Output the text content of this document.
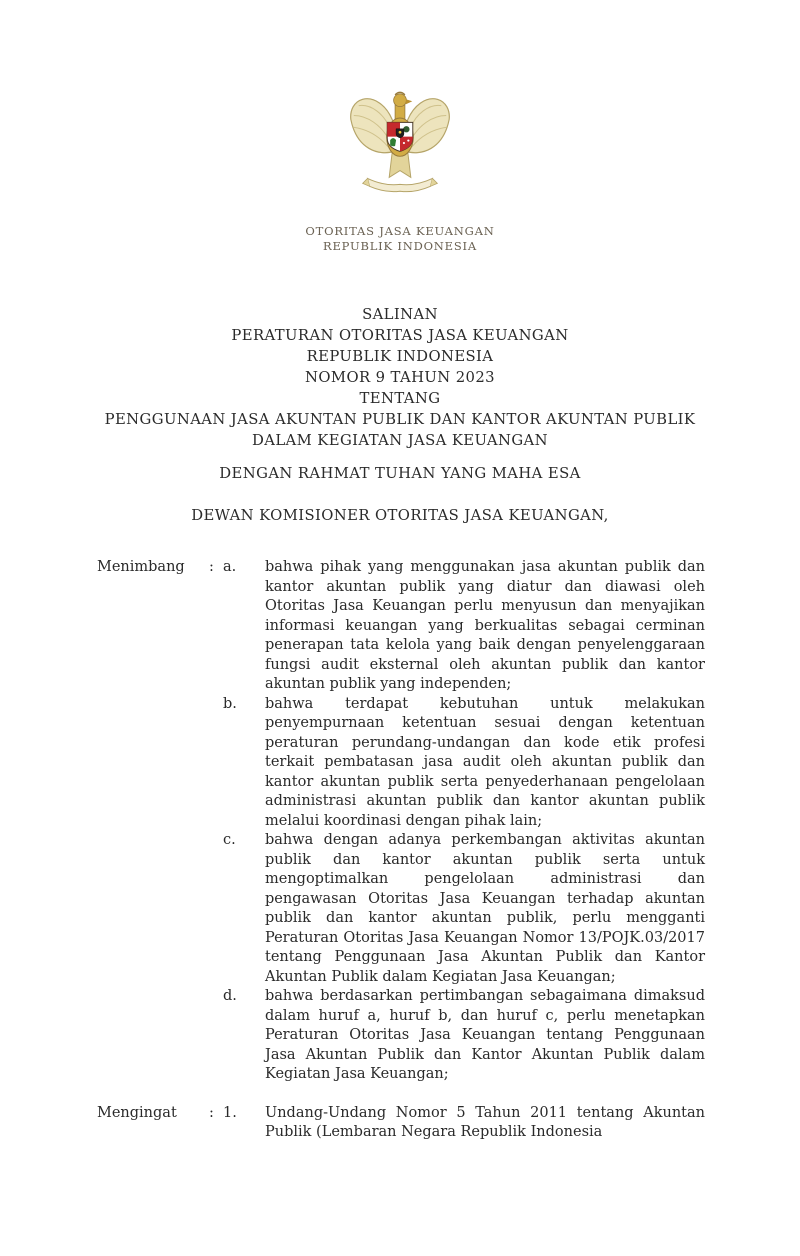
OTORITAS JASA KEUANGAN
REPUBLIK INDONESIA
SALINAN
PERATURAN OTORITAS JASA KEUANGAN
REPUBLIK INDONESIA
NOMOR 9 TAHUN 2023
TENTANG
PENGGUNAAN JASA AKUNTAN PUBLIK DAN KANTOR AKUNTAN PUBLIK
DALAM KEGIATAN JASA KEUANGAN
DENGAN RAHMAT TUHAN YANG MAHA ESA
DEWAN KOMISIONER OTORITAS JASA KEUANGAN,
Menimbang	: a.	bahwa pihak yang menggunakan jasa akuntan publik dan kantor akuntan publik yang diatur dan diawasi oleh Otoritas Jasa Keuangan perlu menyusun dan menyajikan informasi keuangan yang berkualitas sebagai cerminan penerapan tata kelola yang baik dengan penyelenggaraan fungsi audit eksternal oleh akuntan publik dan kantor akuntan publik yang independen;
b.	bahwa terdapat kebutuhan untuk melakukan penyempurnaan ketentuan sesuai dengan ketentuan peraturan perundang-undangan dan kode etik profesi terkait pembatasan jasa audit oleh akuntan publik dan kantor akuntan publik serta penyederhanaan pengelolaan administrasi akuntan publik dan kantor akuntan publik melalui koordinasi dengan pihak lain;
c.	bahwa dengan adanya perkembangan aktivitas akuntan publik dan kantor akuntan publik serta untuk mengoptimalkan pengelolaan administrasi dan pengawasan Otoritas Jasa Keuangan terhadap akuntan publik dan kantor akuntan publik, perlu mengganti Peraturan Otoritas Jasa Keuangan Nomor 13/POJK.03/2017 tentang Penggunaan Jasa Akuntan Publik dan Kantor Akuntan Publik dalam Kegiatan Jasa Keuangan;
d.	bahwa berdasarkan pertimbangan sebagaimana dimaksud dalam huruf a, huruf b, dan huruf c, perlu menetapkan Peraturan Otoritas Jasa Keuangan tentang Penggunaan Jasa Akuntan Publik dan Kantor Akuntan Publik dalam Kegiatan Jasa Keuangan;
Mengingat	: 1.	Undang-Undang Nomor 5 Tahun 2011 tentang Akuntan Publik (Lembaran Negara Republik Indonesia
